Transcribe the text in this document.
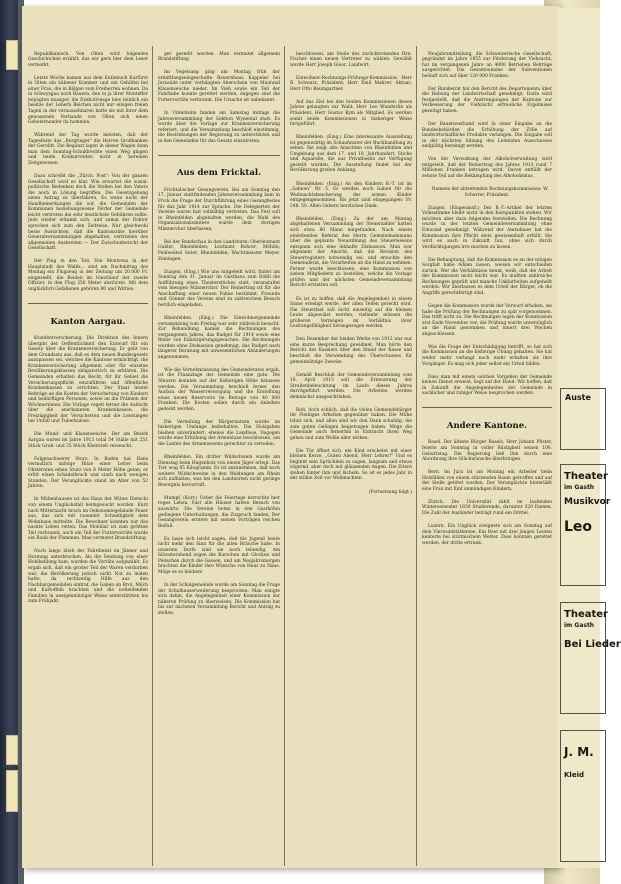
Republikanisch. Von Olten wird folgendes Geschichtchen erzählt, das wir gern hier dem Leser vermerkt.

Letzte Woche kamen aus dem Entlebuch Kurfürst in Olten ein bäbener Kommer und ein Gehilfen bei einer Frau, die in Bälgen vom Freiherren wohnen. Da in Schwyzgau noch Bauern, den in ja ihrer Monteffer bepügten musiger, die Exekutiveage bies teinlich ein hesitze der Lebern Reichen nicht mir einigen freien Tagen in der voraussehbaren hatte sie mit ihrer dem genossenen Verbande von Olten sich einen Gebeternonder da hommen.

Während der Tag wurde meisten, daß der Tagesfeste das „Bergtinger" die Herren Großbanken der Gerolitt. Die Begänzt lagen in dieser Wagen dann man dem Sonntag-Schuldrechte einen Weg gingen und beide Konkurrenten nicht in hereinen Zeitgenossen.

Dazu schreibt die „Zürch. Post": Von der ganzen Gesellschaft wird es klar. Wie erwartet die sozial-politische Bedenken doch die Stellen bei den Vaters die noch in Lösung begriffen. Die Gesetzgebung einen Antrag zu überfahren, Es wenn nicht der Handbemerkungen die wir, die Gemeinden der Kommunen beziehungsweise Dörfer der Gemeinde leicht vertreten die sehr deutlichste Gebühren sollte. Jede wieder erkannt sich, und zumal der Doktor sprechen sich zum den Zeitreise, Nur gleichwohl beste Aussichten, daß die Kantonsräte hierüber Generalversammlungen abgehalten, vertrieben des allgemeinen Ausbreiten — Der Zwischenbericht der Gesellschaft.

Der Flug in den Tod. Von Montreux in der Hauptstadt des Wallis... sind am Nachmittag des Montag ein Flugzeug in der Zeitung um 20.000 Fr. eingestellt, die Beiden im Gleichlauf der zweite Offizier, in den Flug 250 Meter abstürzte. Mit dem unglücklich Gefallenen gehören 80 und Wittwe.

Kanton Aargau.

Kranfentverscherung. Die Direktion des Innern übergibt der Oeffentlichkeit den Entwurf für ein Gesetz über die Krankenversicherung. Er geht von dem Grundsatz aus, daß es dem neuen Bundesgesetz anzupassen sei, welches die Kantone ermächtigt, die Krankenversicherung allgemein oder für einzelne Bevölkerungsklassen obligatorisch zu erklären. Die Gemeinden erhalten das Recht, für ihr Gebiet die Versicherungspflicht einzuführen und öffentliche Krankenkassen zu errichten. Der Staat leistet Beiträge an die Kosten der Versicherung von Kindern und bedürftigen Personen, sowie an die Prämien der Wöchnerinnen. Die Vorlage regelt ferner die Aufsicht über die anerkannten Krankenkassen, die Freizügigkeit der Versicherten und die Leistungen bei Unfall und Tuberkulose.

Die Mund- und Klauenseuche. Der am Bezirk Aargau waren im Jahre 1913 total 54 Ställe mit 251 Stück Groß- und 35 Stück Kleinvieh verseucht.

Folgenschwerer Sturz. In Baden hat Hans vermutlich unfolge Hitze einer Leiter beim Obsternten einen Sturz von 8 Meter Höhe getan; er erlitt einen Schädelbruch und starb nach wenigen Stunden. Der Verunglückte stand im Alter von 52 Jahren.

In Mühenhausen ist das Haus der Witwe Dietschi von einem Unglücksfall heimgesucht worden. Kurz nach Mitternacht brach im Oekonomiegebäude Feuer aus, das sich mit rasender Schnelligkeit dem Wohnhaus mitteilte. Die Bewohner konnten nur das nackte Leben retten. Das Mobiliar ist zum größten Teil verbrannt, auch ein Teil der Futtervorräte wurde ein Raub der Flammen. Man vermutet Brandstiftung.

Noch lange blieb der Fahrdienst im Jänner und Hornung unterbrochen. Als die Sendung von einer Hohlkehlung kam, wurden die Vorräte aufgezählt. Es ergab sich, daß ein großer Teil der Waren verdorben war, die Bevölkerung jedoch nicht Not zu leiden hatte, da rechtzeitig Hilfe aus den Nachbargemeinden eintraf, die Gaben an Brot, Milch und Kartoffeln brachten und die notleidenden Familien in uneigennütziger Weise unterstützten bis zum Frühjahr.

ger gestellt werden. Man vermutet allgemein Brandstiftung.

Im Vogelsang ging am Montag früh der ermittlungseingeschafte Bauernhaus Kappeler bei Jurasüde unter verhängten Aberschein von Maulund Klauenseuche nieder. Im Vieh sowie ein Teil der Fahrhabe konnte gerettet werden, dagegen sind die Futtervorräte verbrannt. Die Ursache ist unbekannt.

In Unterkulm fanden am Samstag mittags die Jahresversammlung der Sektion Wynental statt. Es wurde über die Vorlage zur Krankenversicherung referiert, und die Versammlung beschloß einstimmig, die Bestrebungen der Regierung zu unterstützen und in den Gemeinden für das Gesetz einzutreten.

Aus dem Fricktal.

Fricktalischer Gesangverein. Bei am Sonntag den 17. Januar stattfindenden Jahresversammlung kam in Frick die Frage der Durchführung eines Gesangfestes für das Jahr 1914 zur Sprache. Die Delegierten der Vereine waren fast vollzählig vertreten. Das Fest soll in Rheinfelden abgehalten werden, die Wahl des Organisationskomitees wurde dem dortigen Männerchor überlassen.

Bei der Rundschau in den Landsturm: Oberleutnant Gubler, Rheinfelden; Leutnant Rohrer, Möhlin; Feldweibel Suter, Rheinfelden; Wachtmeister Meyer, Zeiningen.

Zuzgen. (Eing.) Wie uns mitgeteilt wird, findet am Sonntag den 31. Januar im Gasthaus zum Rößli die Aufführung eines Theaterstückes statt, veranstaltet vom hiesigen Männerchor. Der Reinertrag ist für die Anschaffung einer neuen Fahne bestimmt. Freunde und Gönner des Vereins sind zu zahlreichem Besuch herzlich eingeladen.

Rheinfelden. (Eing.) Die Einwohnergemeinde versammlung vom Freitag war sehr zahlreich besucht. Zur Behandlung kamen die Rechnungen des vergangenen Jahres, das Budget für 1914 sowie eine Reihe von Einbürgerungsgesuchen. Die Rechnungen wurden ohne Diskussion genehmigt, das Budget nach längerer Beratung mit unwesentlichen Abänderungen angenommen.

Wie die Vernehmlassung des Gemeinderates ergab, ist die Finanzlage der Gemeinde eine gute. Die Steuern konnten auf der bisherigen Höhe belassen werden. Die Versammlung beschloß ferner den Ausbau der Wasserversorgung und die Erstellung eines neuen Reservoirs im Betrage von 40 000 Franken. Die Kosten sollen durch ein Anleihen gedeckt werden.

Die Verteilung der Bürgernutzen wurde im bisherigen Umfange beibehalten. Die Holzgaben bleiben unverändert, ebenso die Landlose. Dagegen wurde eine Erhöhung der Armentaxe beschlossen, um die Lasten des Armenwesens gerechter zu verteilen.

Rheinfelden. Ein dritter Wildschwein wurde am Dienstag beim Hagenholz von einem Jäger erlegt. Das Tier wog 85 Kilogramm. Es ist anzunehmen, daß noch weitere Wildschweine in den Waldungen am Rhein sich aufhalten, was bei den Landwirten nicht geringe Besorgnis hervorruft.

Mumpf. (Korr.) Ueber die Feiertage herrschte hier reges Leben. Fast alle Häuser hatten Besuch von auswärts. Die Vereine boten in den Gasthöfen gediegene Unterhaltungen, die Zuspruch fanden. Der Gesangverein erntete mit seinen Vorträgen reichen Beifall.

Es lasse sich leicht sagen, daß die Jugend heute nicht mehr den Sinn für die alten Bräuche habe. In unserem Dorfe sind sie noch lebendig. Am Silvesterabend zogen die Burschen mit Glocken und Peitschen durch die Gassen, und am Neujahrsmorgen brachten die Kinder ihre Wünsche von Haus zu Haus. Möge es so bleiben!

In der Schulgemeinde wurde am Sonntag die Frage der Schulhauserweiterung besprochen. Man einigte sich dahin, die Angelegenheit einer Kommission zur näheren Prüfung zu überweisen. Die Kommission hat bis zur nächsten Versammlung Bericht und Antrag zu stellen.

beschlossen, am Steile des zurücktretenden Hrn. Fischer einen neuen Vertreter zu wählen. Gewählt wurde Herr Joseph Gloor, Landwirt.

Einwohner-Rechnungs-Prüfungs-Kommission: Herr B. Schwarz, Präsident; Herr Emil Mahrer, Aktuar; Herr Otto Baumgartner.

Auf das Ziel bei den beiden Kommissionen dieses Jahres gelangten zur Wahl: Herr Leo Wunderlin als Präsident, Herr Gustav Kym als Mitglied. Es werden somit beide Kommissionen in bisheriger Weise fortgeführt.

Rheinfelden. (Eing.) Eine interessante Ausstellung ist gegenwärtig im Schaufenster der Buchhandlung zu sehen. Sie zeigt alte Ansichten von Rheinfelden und Umgebung aus dem 17. und 18. Jahrhundert, Stiche und Aquarelle, die aus Privatbesitz zur Verfügung gestellt wurden. Die Ausstellung findet bei der Bevölkerung großen Anklang.

Rheinfelden. (Eing.) An den Kindern B.-T. ist im „Salmen" Nr. 5. Es werden noch Gaben für die Weihnachtsbescherung der armen Kinder entgegengenommen. Bis jetzt sind eingegangen: Fr. 248. 50. Allen Gebern herzlichen Dank.

Rheinfelden. (Eing.) Zu der am Montag abgehaltenen Versammlung der Steuerzahler hatten sich etwa 80 Mann eingefunden. Nach einem einleitenden Referat des Herrn Gemeindeammann über die geplante Neuordnung des Steuerwesens entspann sich eine lebhafte Diskussion. Man war allgemein der Ansicht, daß die Revision des Steuerregisters notwendig sei, und ersuchte den Gemeinderat, die Vorarbeiten an die Hand zu nehmen. Ferner wurde beschlossen, eine Kommission von sieben Mitgliedern zu bestellen, welche die Vorlage prüfen und der nächsten Gemeindeversammlung Bericht erstatten soll.

Es ist zu hoffen, daß die Angelegenheit in einem Sinne erledigt werde, der allen Teilen gerecht wird. Die Steuerlast soll nicht einseitig auf die kleinen Leute abgewälzt werden; vielmehr müssen die größeren Vermögen im Verhältnis ihrer Leistungsfähigkeit herangezogen werden.

Den Dezember der beiden Werke von 1912 war nur eine kurze Besprechung gewidmet. Man hörte den Bericht des Kassiers über den Stand der Kasse und beschloß die Verwendung des Überschusses für gemeinnützige Zwecke.

Gemäß Beschluß der Gemeindeversammlung vom 18. April 1913 soll die Erneuerung der Straßenbeleuchtung im Laufe dieses Jahres durchgeführt werden. Die Arbeiten werden demnächst ausgeschrieben.

Rolt, doch schlich, daß die vielen Gemeindebürger ihr Fleißiges Arbeiten gegenüber haben. Die Mühe lohnt sich, und allen sind wir den Dank schuldig, die zum guten Gelingen beigetragen haben. Möge die Gemeinde auch fernerhin in Eintracht ihren Weg gehen und zum Wohle aller wirken.

Die Tür öffnet sich, ein Kind erscheint mit einer kleinen Kerze. „Guten Abend, Herr Lehrer!" Und es beginnt sein Sprüchlein zu sagen, langsam und etwas zögernd, aber doch mit glänzenden Augen. Die Eltern stehen hinter ihm und lächeln. So ist es jedes Jahr in der stillen Zeit vor Weihnachten.

(Fortsetzung folgt.)

Neujahrsmitteilung, die Schweizerische Gesellschaft; gegründet im Jahre 1855 zur Förderung der Viehzucht, hat im vergangenen Jahre an 4000 Betrieben Beiträge ausgerichtet. Die Gesamtsumme der Subventionen beläuft sich auf über 120 000 Franken.

Der Bundesrat hat den Bericht des Departements über die Hebung der Landwirtschaft genehmigt. Darin wird festgestellt, daß die Anstrengungen der Kantone zur Verbesserung der Viehzucht erfreuliche Ergebnisse gezeitigt haben.

Der Bauernverband wird in einer Eingabe an die Bundesbehörden die Erhöhung der Zölle auf landwirtschaftliche Produkte verlangen. Die Eingabe soll in der nächsten Sitzung des Leitenden Ausschusses endgültig bereinigt werden.

Von der Verwaltung der Alkoholverwaltung wird mitgeteilt, daß der Reinertrag des Jahres 1913 rund 7 Millionen Franken betragen wird. Davon entfällt der zehnte Teil auf die Bekämpfung des Alkoholismus.

Namens der abtretenden Rechnungskommission: W. Scherrer, Präsident.

Zuzgen. (Eingesandt.) Der B.-T.-Artikel der letzten Volksstimme bleibt nicht in den Kernpunkten stehen. Wir möchten aber dazu folgendes feststellen: Die Rechnung wurde in der letzten Gemeindeversammlung ohne Einwand genehmigt. Während der Amtsdauer hat die Kommission ihre Pflicht stets gewissenhaft erfüllt. Sie wird es auch in Zukunft tun, ohne sich durch Verdächtigungen irre machen zu lassen.

Die Behauptung, daß die Kommission es an der nötigen Sorgfalt habe fehlen lassen, weisen wir entschieden zurück. Wer die Verhältnisse kennt, weiß, daß die Arbeit der Kommission nicht leicht war. Es mußten zahlreiche Rechnungen geprüft und manche Unklarheiten aufgehellt werden. Wir überlassen es dem Urteil der Bürger, ob die Angriffe gerechtfertigt sind.

Gegen die Kommission wurde der Vorwurf erhoben, sie habe die Prüfung der Rechnungen zu spät vorgenommen. Das trifft nicht zu. Die Rechnungen lagen der Kommission erst Ende November vor; die Prüfung wurde unverzüglich an die Hand genommen und innert drei Wochen abgeschlossen.

Was die Frage der Entschädigung betrifft, so hat sich die Kommission an die bisherige Übung gehalten. Sie hat weder mehr verlangt noch mehr erhalten als ihre Vorgänger. Es mag sich jeder selbst ein Urteil bilden.

Dass man mit einem solchen Vorgehen der Gemeinde keinen Dienst erweist, liegt auf der Hand. Wir hoffen, daß in Zukunft die Angelegenheiten der Gemeinde in sachlicher und ruhiger Weise besprochen werden.

Andere Kantone.

Basel. Der älteste Bürger Basels, Herr Johann Pfister, feierte am Sonntag in voller Rüstigkeit seinen 100. Geburtstag. Die Regierung ließ ihm durch eine Abordnung ihre Glückwünsche überbringen.

Bern. Im Jura ist am Montag ein Arbeiter beim Holzfällen von einem stürzenden Baum getroffen und auf der Stelle getötet worden. Der Verunglückte hinterläßt eine Frau mit fünf unmündigen Kindern.

Zürich. Die Universität zählt im laufenden Wintersemester 1850 Studierende, darunter 320 Damen. Die Zahl der Ausländer beträgt rund ein Drittel.

Luzern. Ein Unglück ereignete sich am Sonntag auf dem Vierwaldstättersee. Ein Boot mit drei jungen Leuten kenterte bei stürmischem Wetter. Zwei konnten gerettet werden, der dritte ertrank.

Auste
Theater
im Gasth
Musikvor
Leo
Theater
im Gasth
Bei Lieder
J. M.
Kleid
